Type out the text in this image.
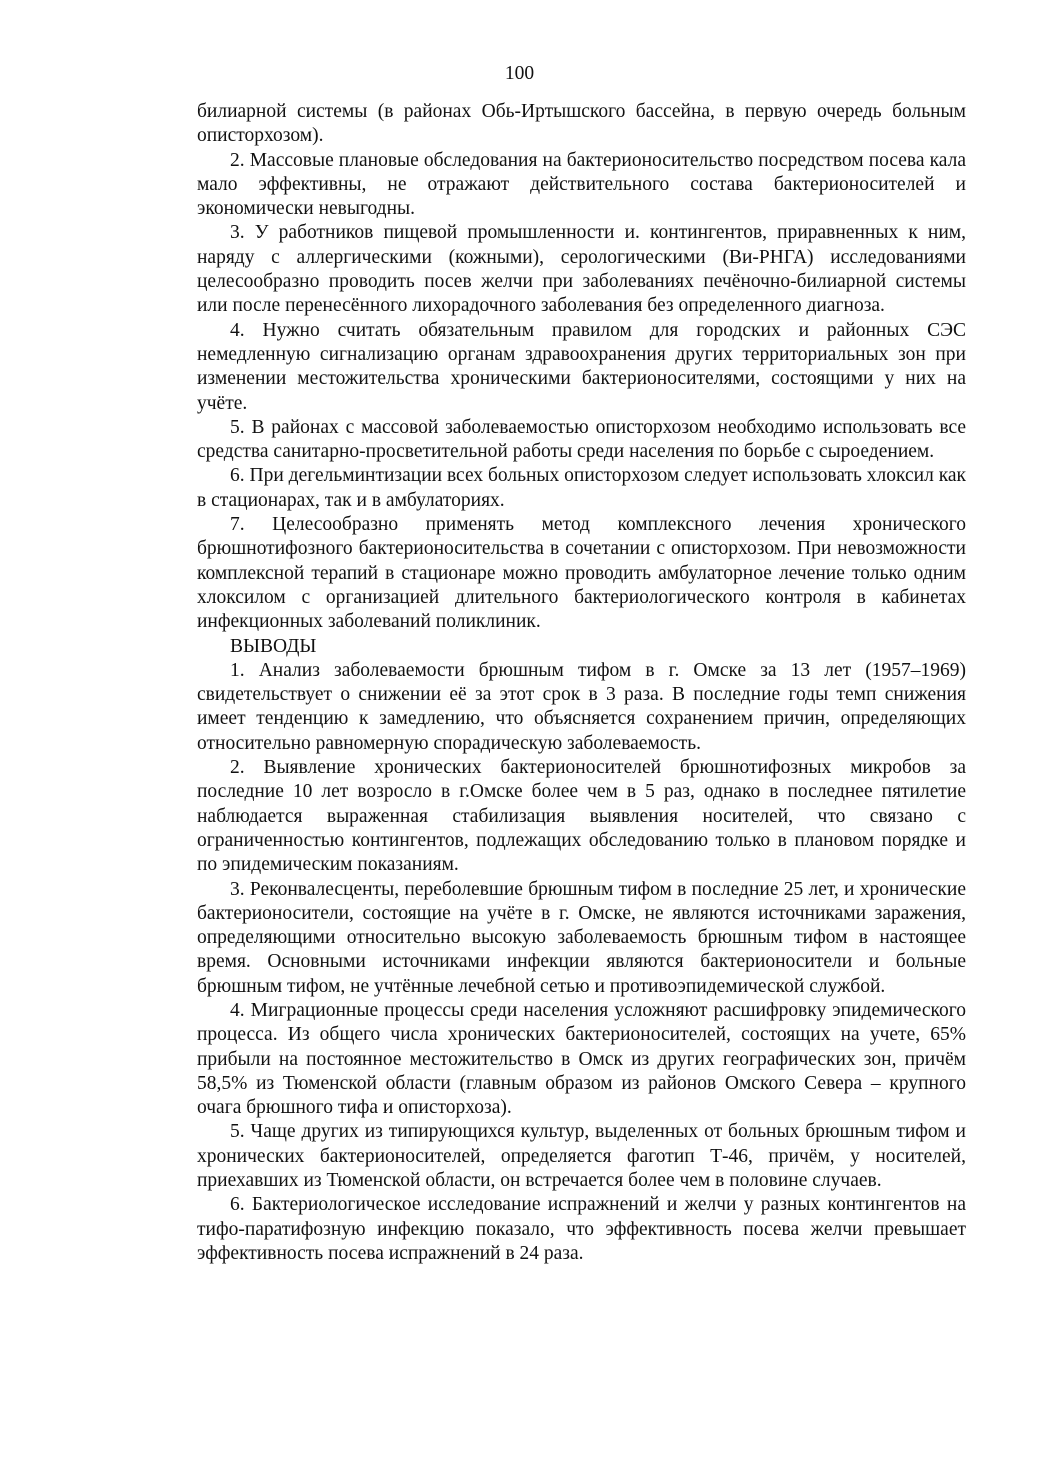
100

билиарной системы (в районах Обь-Иртышского бассейна, в первую очередь больным описторхозом).

2. Массовые плановые обследования на бактерионосительство посредством посева кала мало эффективны, не отражают действительного состава бактерионосителей и экономически невыгодны.

3. У работников пищевой промышленности и. контингентов, приравненных к ним, наряду с аллергическими (кожными), серологическими (Ви-РНГА) исследованиями целесообразно проводить посев желчи при заболеваниях печёночно-билиарной системы или после перенесённого лихорадочного заболевания без определенного диагноза.

4. Нужно считать обязательным правилом для городских и районных СЭС немедленную сигнализацию органам здравоохранения других территориальных зон при изменении местожительства хроническими бактерионосителями, состоящими у них на учёте.

5. В районах с массовой заболеваемостью описторхозом необходимо использовать все средства санитарно-просветительной работы среди населения по борьбе с сыроедением.

6. При дегельминтизации всех больных описторхозом следует использовать хлоксил как в стационарах, так и в амбулаториях.

7. Целесообразно применять метод комплексного лечения хронического брюшнотифозного бактерионосительства в сочетании с описторхозом. При невозможности комплексной терапий в стационаре можно проводить амбулаторное лечение только одним хлоксилом с организацией длительного бактериологического контроля в кабинетах инфекционных заболеваний поликлиник.

ВЫВОДЫ

1. Анализ заболеваемости брюшным тифом в г. Омске за 13 лет (1957–1969) свидетельствует о снижении её за этот срок в 3 раза. В последние годы темп снижения имеет тенденцию к замедлению, что объясняется сохранением причин, определяющих относительно равномерную спорадическую заболеваемость.

2. Выявление хронических бактерионосителей брюшнотифозных микробов за последние 10 лет возросло в г.Омске более чем в 5 раз, однако в последнее пятилетие наблюдается выраженная стабилизация выявления носителей, что связано с ограниченностью контингентов, подлежащих обследованию только в плановом порядке и по эпидемическим показаниям.

3. Реконвалесценты, переболевшие брюшным тифом в последние 25 лет, и хронические бактерионосители, состоящие на учёте в г. Омске, не являются источниками заражения, определяющими относительно высокую заболеваемость брюшным тифом в настоящее время. Основными источниками инфекции являются бактерионосители и больные брюшным тифом, не учтённые лечебной сетью и противоэпидемической службой.

4. Миграционные процессы среди населения усложняют расшифровку эпидемического процесса. Из общего числа хронических бактерионосителей, состоящих на учете, 65% прибыли на постоянное местожительство в Омск из других географических зон, причём 58,5% из Тюменской области (главным образом из районов Омского Севера – крупного очага брюшного тифа и описторхоза).

5. Чаще других из типирующихся культур, выделенных от больных брюшным тифом и хронических бактерионосителей, определяется фаготип Т-46, причём, у носителей, приехавших из Тюменской области, он встречается более чем в половине случаев.

6. Бактериологическое исследование испражнений и желчи у разных контингентов на тифо-паратифозную инфекцию показало, что эффективность посева желчи превышает эффективность посева испражнений в 24 раза.
